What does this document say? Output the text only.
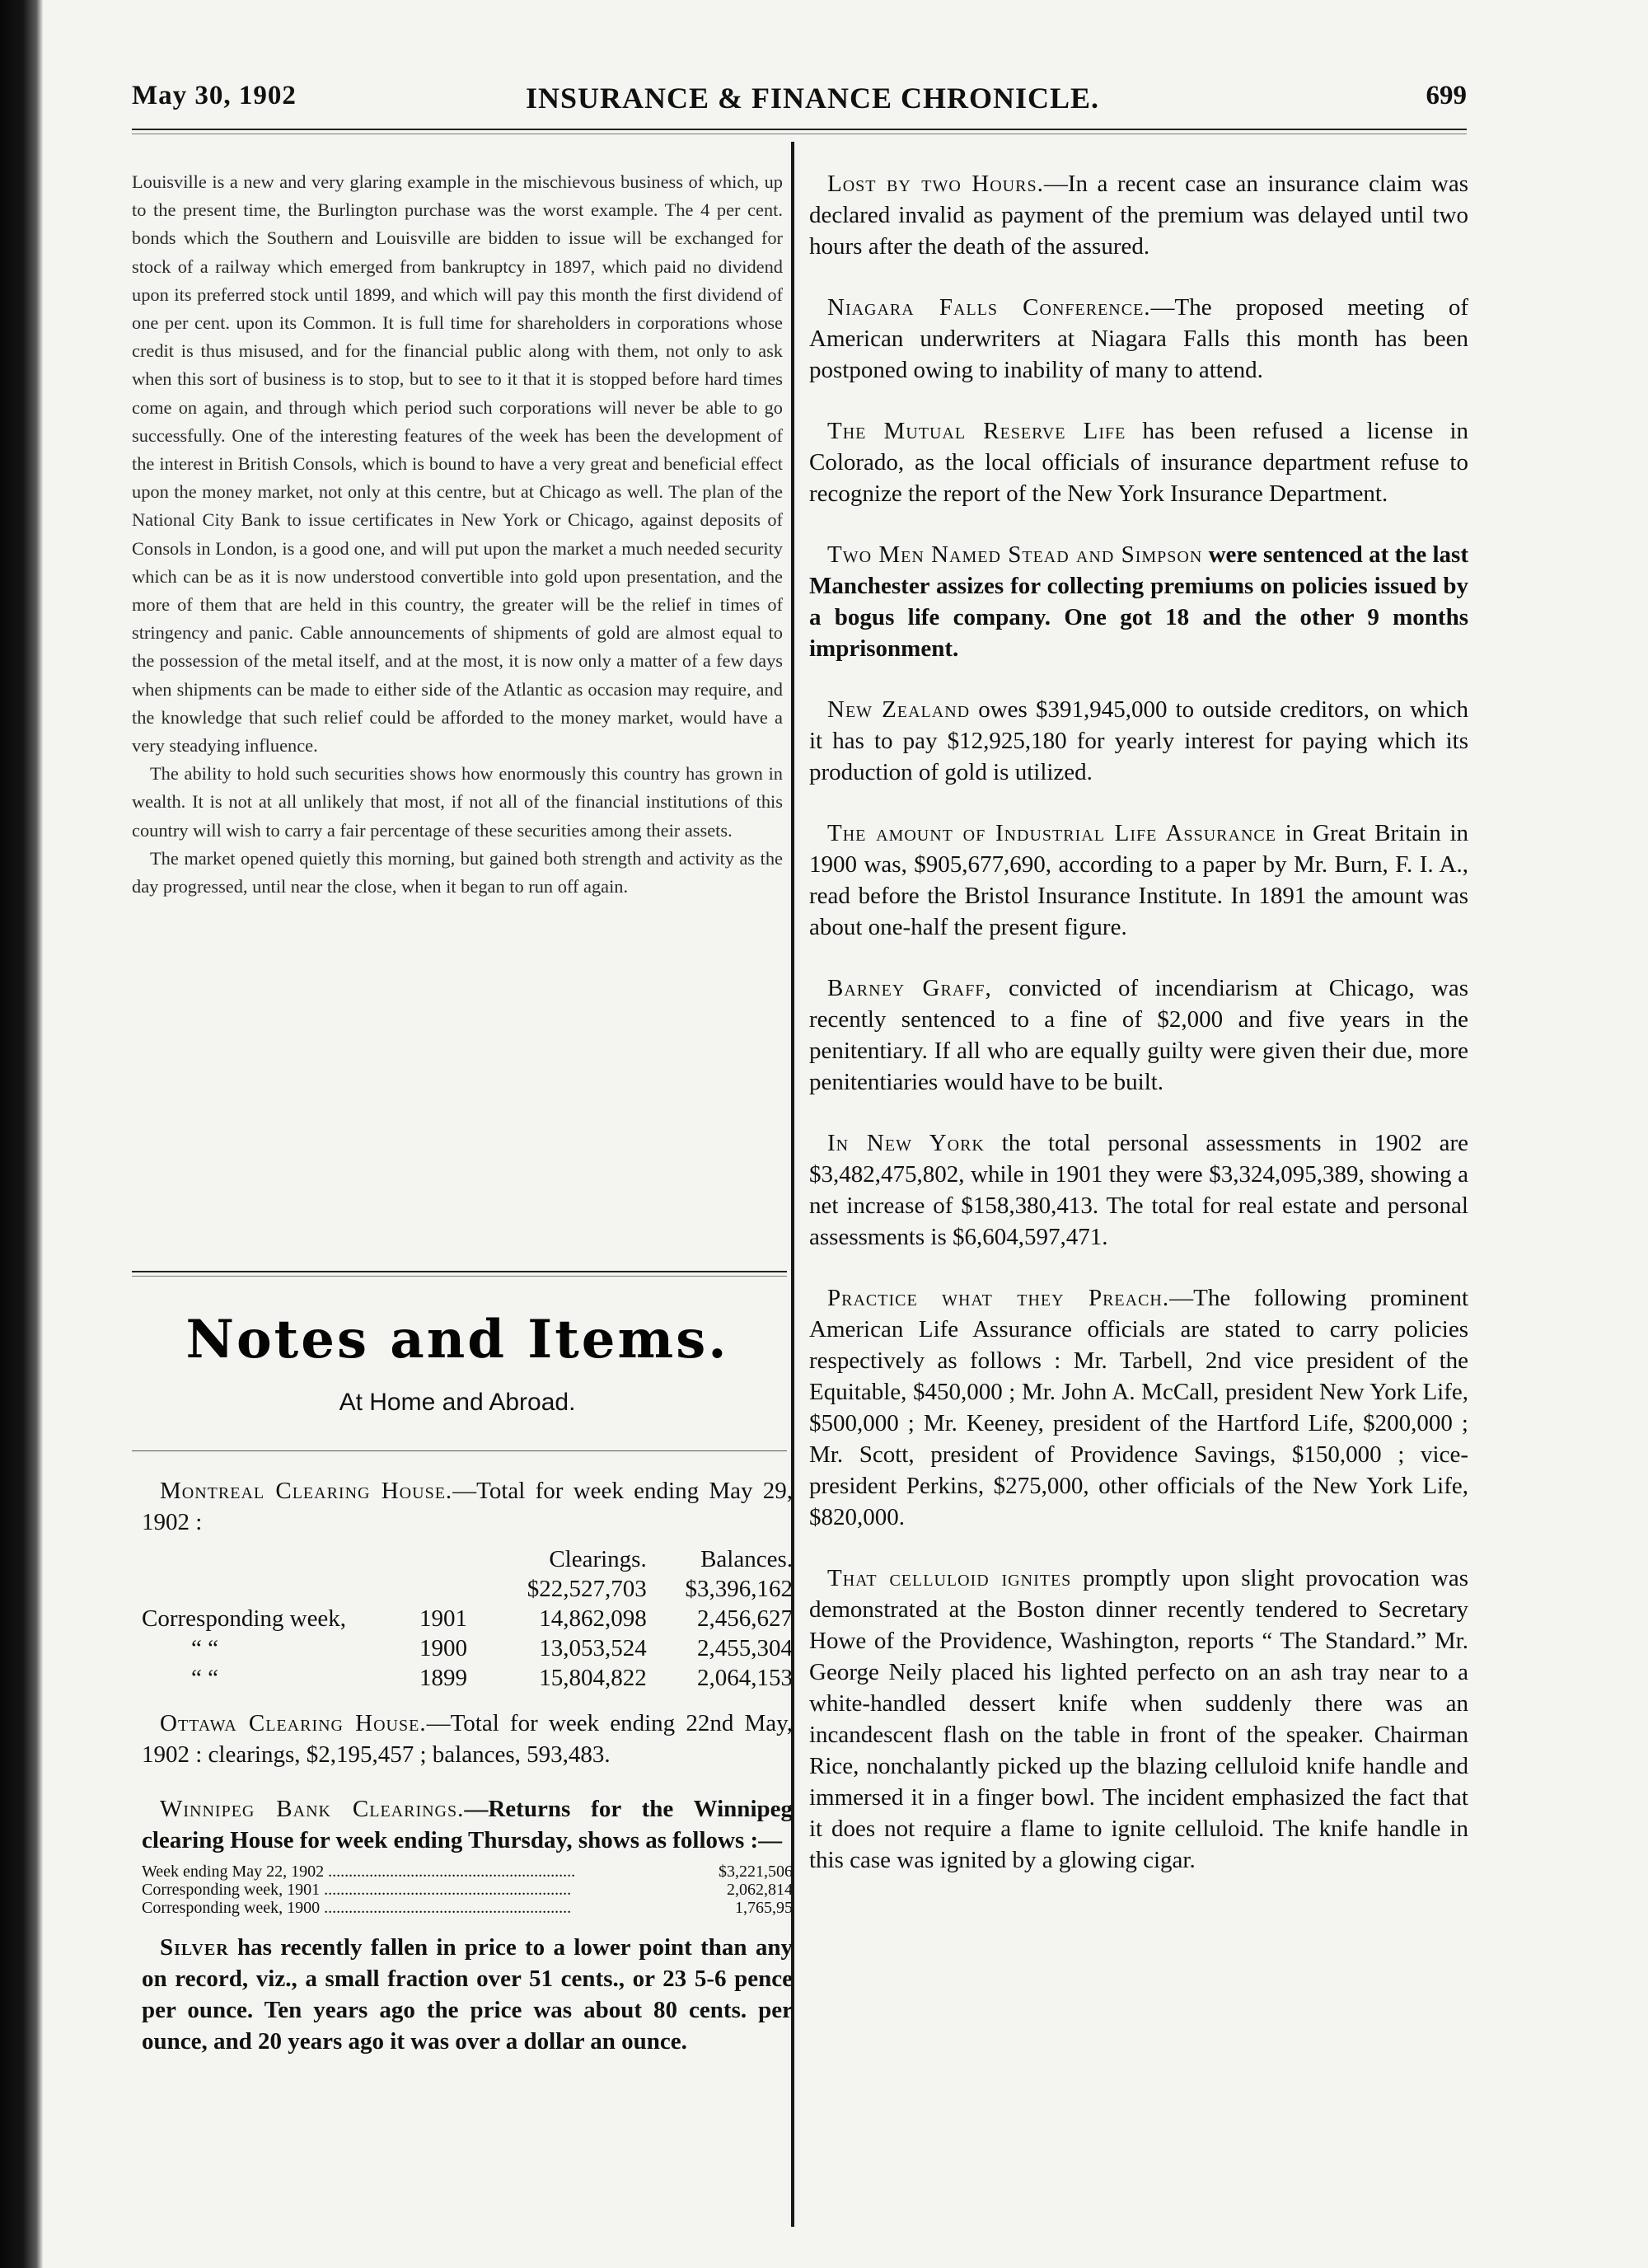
May 30, 1902	INSURANCE & FINANCE CHRONICLE.	699

Louisville is a new and very glaring example in the mischievous business of which, up to the present time, the Burlington purchase was the worst example. The 4 per cent. bonds which the Southern and Louisville are bidden to issue will be exchanged for stock of a railway which emerged from bankruptcy in 1897, which paid no dividend upon its preferred stock until 1899, and which will pay this month the first dividend of one per cent. upon its Common. It is full time for shareholders in corporations whose credit is thus misused, and for the financial public along with them, not only to ask when this sort of business is to stop, but to see to it that it is stopped before hard times come on again, and through which period such corporations will never be able to go successfully. One of the interesting features of the week has been the development of the interest in British Consols, which is bound to have a very great and beneficial effect upon the money market, not only at this centre, but at Chicago as well. The plan of the National City Bank to issue certificates in New York or Chicago, against deposits of Consols in London, is a good one, and will put upon the market a much needed security which can be as it is now understood convertible into gold upon presentation, and the more of them that are held in this country, the greater will be the relief in times of stringency and panic. Cable announcements of shipments of gold are almost equal to the possession of the metal itself, and at the most, it is now only a matter of a few days when shipments can be made to either side of the Atlantic as occasion may require, and the knowledge that such relief could be afforded to the money market, would have a very steadying influence.

The ability to hold such securities shows how enormously this country has grown in wealth. It is not at all unlikely that most, if not all of the financial institutions of this country will wish to carry a fair percentage of these securities among their assets.

The market opened quietly this morning, but gained both strength and activity as the day progressed, until near the close, when it began to run off again.

Notes and Items.
At Home and Abroad.

Montreal Clearing House.—Total for week ending May 29, 1902 :

		Clearings.	Balances.
		$22,527,703	$3,396,162
Corresponding week,	1901	14,862,098	2,456,627
“ “	1900	13,053,524	2,455,304
“ “	1899	15,804,822	2,064,153

Ottawa Clearing House.—Total for week ending 22nd May, 1902 : clearings, $2,195,457 ; balances, 593,483.

Winnipeg Bank Clearings.—Returns for the Winnipeg clearing House for week ending Thursday, shows as follows :—

Week ending May 22, 1902 ............................................................	$3,221,506
Corresponding week, 1901 ............................................................	2,062,814
Corresponding week, 1900 ............................................................	1,765,95

Silver has recently fallen in price to a lower point than any on record, viz., a small fraction over 51 cents., or 23 5-6 pence per ounce. Ten years ago the price was about 80 cents. per ounce, and 20 years ago it was over a dollar an ounce.

Lost by two Hours.—In a recent case an insurance claim was declared invalid as payment of the premium was delayed until two hours after the death of the assured.

Niagara Falls Conference.—The proposed meeting of American underwriters at Niagara Falls this month has been postponed owing to inability of many to attend.

The Mutual Reserve Life has been refused a license in Colorado, as the local officials of insurance department refuse to recognize the report of the New York Insurance Department.

Two Men Named Stead and Simpson were sentenced at the last Manchester assizes for collecting premiums on policies issued by a bogus life company. One got 18 and the other 9 months imprisonment.

New Zealand owes $391,945,000 to outside creditors, on which it has to pay $12,925,180 for yearly interest for paying which its production of gold is utilized.

The amount of Industrial Life Assurance in Great Britain in 1900 was, $905,677,690, according to a paper by Mr. Burn, F. I. A., read before the Bristol Insurance Institute. In 1891 the amount was about one-half the present figure.

Barney Graff, convicted of incendiarism at Chicago, was recently sentenced to a fine of $2,000 and five years in the penitentiary. If all who are equally guilty were given their due, more penitentiaries would have to be built.

In New York the total personal assessments in 1902 are $3,482,475,802, while in 1901 they were $3,324,095,389, showing a net increase of $158,380,413. The total for real estate and personal assessments is $6,604,597,471.

Practice what they Preach.—The following prominent American Life Assurance officials are stated to carry policies respectively as follows : Mr. Tarbell, 2nd vice president of the Equitable, $450,000 ; Mr. John A. McCall, president New York Life, $500,000 ; Mr. Keeney, president of the Hartford Life, $200,000 ; Mr. Scott, president of Providence Savings, $150,000 ; vice-president Perkins, $275,000, other officials of the New York Life, $820,000.

That celluloid ignites promptly upon slight provocation was demonstrated at the Boston dinner recently tendered to Secretary Howe of the Providence, Washington, reports “ The Standard.” Mr. George Neily placed his lighted perfecto on an ash tray near to a white-handled dessert knife when suddenly there was an incandescent flash on the table in front of the speaker. Chairman Rice, nonchalantly picked up the blazing celluloid knife handle and immersed it in a finger bowl. The incident emphasized the fact that it does not require a flame to ignite celluloid. The knife handle in this case was ignited by a glowing cigar.
